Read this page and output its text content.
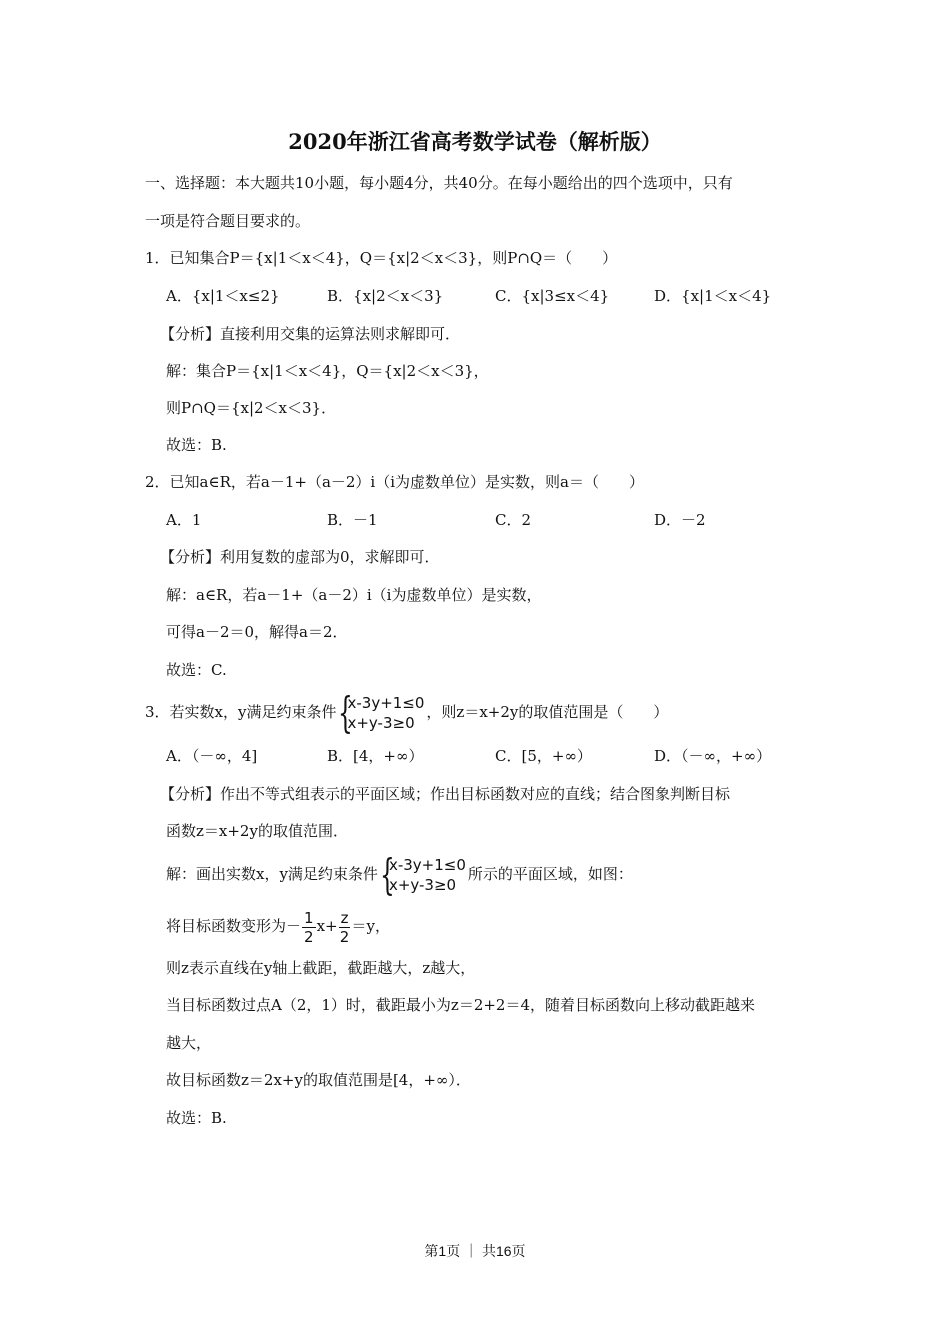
2020年浙江省高考数学试卷（解析版）
一、选择题：本大题共10小题，每小题4分，共40分。在每小题给出的四个选项中，只有
一项是符合题目要求的。
1．已知集合P＝{x|1＜x＜4}，Q＝{x|2＜x＜3}，则P∩Q＝（　　）
A．{x|1＜x≤2}	B．{x|2＜x＜3}	C．{x|3≤x＜4}	D．{x|1＜x＜4}
【分析】直接利用交集的运算法则求解即可．
解：集合P＝{x|1＜x＜4}，Q＝{x|2＜x＜3}，
则P∩Q＝{x|2＜x＜3}．
故选：B.
2．已知a∈R，若a－1+（a－2）i（i为虚数单位）是实数，则a＝（　　）
A．1	B．－1	C．2	D．－2
【分析】利用复数的虚部为0，求解即可．
解：a∈R，若a－1+（a－2）i（i为虚数单位）是实数，
可得a－2＝0，解得a＝2．
故选：C.
3．若实数x，y满足约束条件 {
x-3y+1≤0
x+y-3≥0
，则z＝x+2y的取值范围是（　　）
A．（－∞，4]	B．[4，+∞）	C．[5，+∞）	D．（－∞，+∞）
【分析】作出不等式组表示的平面区域；作出目标函数对应的直线；结合图象判断目标
函数z＝x+2y的取值范围．
解：画出实数x，y满足约束条件 {
x-3y+1≤0
x+y-3≥0
所示的平面区域，如图：
将目标函数变形为－ $\frac{1}{2} x+ \frac{z}{2} =y$，
则z表示直线在y轴上截距，截距越大，z越大，
当目标函数过点A（2，1）时，截距最小为z＝2+2＝4，随着目标函数向上移动截距越来
越大，
故目标函数z＝2x+y的取值范围是[4，+∞）．
故选：B.
第1页 ｜ 共16页
